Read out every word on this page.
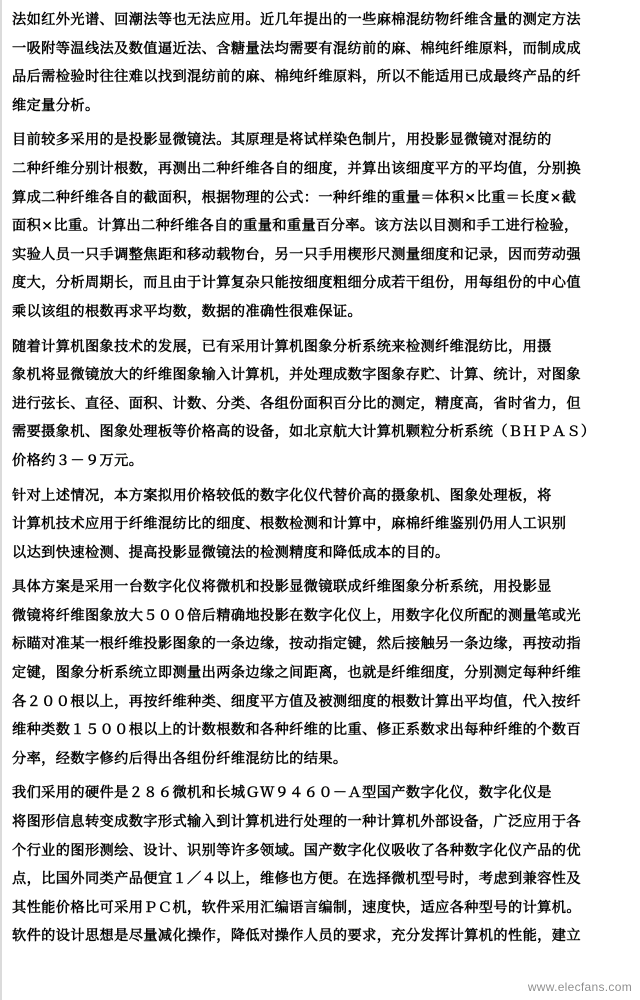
法如红外光谱、回潮法等也无法应用。近几年提出的一些麻棉混纺物纤维含量的测定方法
一吸附等温线法及数值逼近法、含糖量法均需要有混纺前的麻、棉纯纤维原料，而制成成
品后需检验时往往难以找到混纺前的麻、棉纯纤维原料，所以不能适用已成最终产品的纤
维定量分析。

目前较多采用的是投影显微镜法。其原理是将试样染色制片，用投影显微镜对混纺的
二种纤维分别计根数，再测出二种纤维各自的细度，并算出该细度平方的平均值，分别换
算成二种纤维各自的截面积，根据物理的公式：一种纤维的重量＝体积×比重＝长度×截
面积×比重。计算出二种纤维各自的重量和重量百分率。该方法以目测和手工进行检验，
实验人员一只手调整焦距和移动载物台，另一只手用楔形尺测量细度和记录，因而劳动强
度大，分析周期长，而且由于计算复杂只能按细度粗细分成若干组份，用每组份的中心值
乘以该组的根数再求平均数，数据的准确性很难保证。

随着计算机图象技术的发展，已有采用计算机图象分析系统来检测纤维混纺比，用摄
象机将显微镜放大的纤维图象输入计算机，并处理成数字图象存贮、计算、统计，对图象
进行弦长、直径、面积、计数、分类、各组份面积百分比的测定，精度高，省时省力，但
需要摄象机、图象处理板等价格高的设备，如北京航大计算机颗粒分析系统（ＢＨＰＡＳ）
价格约３－９万元。

针对上述情况，本方案拟用价格较低的数字化仪代替价高的摄象机、图象处理板，将
计算机技术应用于纤维混纺比的细度、根数检测和计算中，麻棉纤维鉴别仍用人工识别
以达到快速检测、提高投影显微镜法的检测精度和降低成本的目的。

具体方案是采用一台数字化仪将微机和投影显微镜联成纤维图象分析系统，用投影显
微镜将纤维图象放大５００倍后精确地投影在数字化仪上，用数字化仪所配的测量笔或光
标瞄对准某一根纤维投影图象的一条边缘，按动指定键，然后接触另一条边缘，再按动指
定键，图象分析系统立即测量出两条边缘之间距离，也就是纤维细度，分别测定每种纤维
各２００根以上，再按纤维种类、细度平方值及被测细度的根数计算出平均值，代入按纤
维种类数１５００根以上的计数根数和各种纤维的比重、修正系数求出每种纤维的个数百
分率，经数字修约后得出各组份纤维混纺比的结果。

我们采用的硬件是２８６微机和长城ＧＷ９４６０－Ａ型国产数字化仪，数字化仪是
将图形信息转变成数字形式输入到计算机进行处理的一种计算机外部设备，广泛应用于各
个行业的图形测绘、设计、识别等许多领域。国产数字化仪吸收了各种数字化仪产品的优
点，比国外同类产品便宜１／４以上，维修也方便。在选择微机型号时，考虑到兼容性及
其性能价格比可采用ＰＣ机，软件采用汇编语言编制，速度快，适应各种型号的计算机。
软件的设计思想是尽量减化操作，降低对操作人员的要求，充分发挥计算机的性能，建立

www.elecfans.com
